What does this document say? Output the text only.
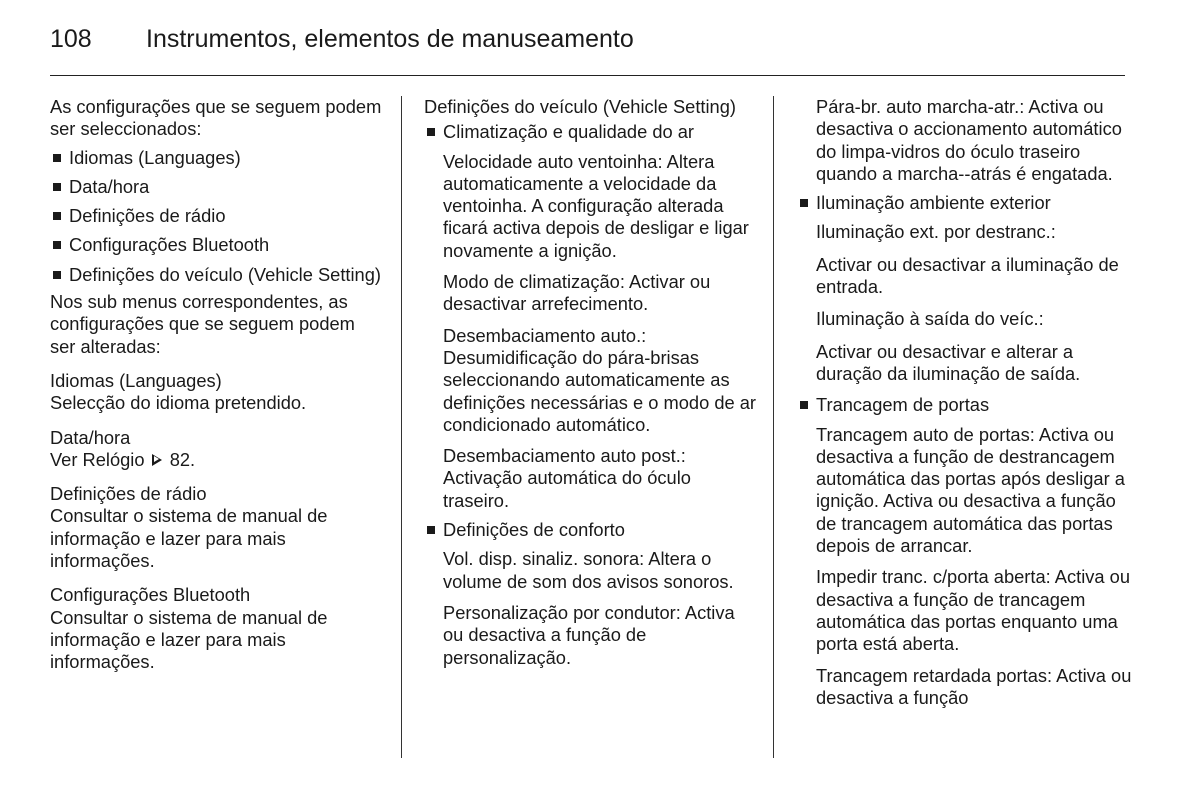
108 Instrumentos, elementos de manuseamento

As configurações que se seguem podem ser seleccionados:

Idiomas (Languages)

Data/hora

Definições de rádio

Configurações Bluetooth

Definições do veículo (Vehicle Setting)

Nos sub menus correspondentes, as configurações que se seguem podem ser alteradas:

Idiomas (Languages)

Selecção do idioma pretendido.

Data/hora

Ver Relógio 82.

Definições de rádio

Consultar o sistema de manual de informação e lazer para mais informações.

Configurações Bluetooth

Consultar o sistema de manual de informação e lazer para mais informações.

Definições do veículo (Vehicle Setting)

Climatização e qualidade do ar

Velocidade auto ventoinha: Altera automaticamente a velocidade da ventoinha. A configuração alterada ficará activa depois de desligar e ligar novamente a ignição.

Modo de climatização: Activar ou desactivar arrefecimento.

Desembaciamento auto.: Desumidificação do pára-brisas seleccionando automaticamente as definições necessárias e o modo de ar condicionado automático.

Desembaciamento auto post.: Activação automática do óculo traseiro.

Definições de conforto

Vol. disp. sinaliz. sonora: Altera o volume de som dos avisos sonoros.

Personalização por condutor: Activa ou desactiva a função de personalização.

Pára-br. auto marcha-atr.: Activa ou desactiva o accionamento automático do limpa-vidros do óculo traseiro quando a marcha--atrás é engatada.

Iluminação ambiente exterior

Iluminação ext. por destranc.:

Activar ou desactivar a iluminação de entrada.

Iluminação à saída do veíc.:

Activar ou desactivar e alterar a duração da iluminação de saída.

Trancagem de portas

Trancagem auto de portas: Activa ou desactiva a função de destrancagem automática das portas após desligar a ignição. Activa ou desactiva a função de trancagem automática das portas depois de arrancar.

Impedir tranc. c/porta aberta: Activa ou desactiva a função de trancagem automática das portas enquanto uma porta está aberta.

Trancagem retardada portas: Activa ou desactiva a função
